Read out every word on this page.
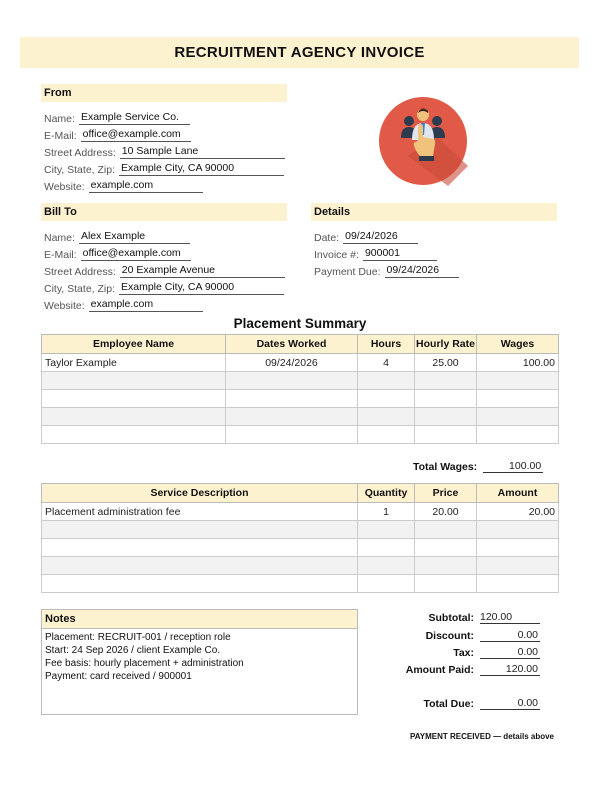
RECRUITMENT AGENCY INVOICE
From
Name: Example Service Co.
E-Mail: office@example.com
Street Address: 10 Sample Lane
City, State, Zip: Example City, CA 90000
Website: example.com
Bill To
Name: Alex Example
E-Mail: office@example.com
Street Address: 20 Example Avenue
City, State, Zip: Example City, CA 90000
Website: example.com
Details
Date: 09/24/2026
Invoice #: 900001
Payment Due: 09/24/2026
Placement Summary
Employee Name	Dates Worked	Hours	Hourly Rate	Wages
Taylor Example	09/24/2026	4	25.00	100.00

Total Wages:	100.00
Service Description	Quantity	Price	Amount
Placement administration fee	1	20.00	20.00

Notes
Placement: RECRUIT-001 / reception role
Start: 24 Sep 2026 / client Example Co.
Fee basis: hourly placement + administration
Payment: card received / 900001
Subtotal: 120.00
Discount:	0.00
Tax:	0.00
Amount Paid:	120.00
Total Due:	0.00
PAYMENT RECEIVED — details above
